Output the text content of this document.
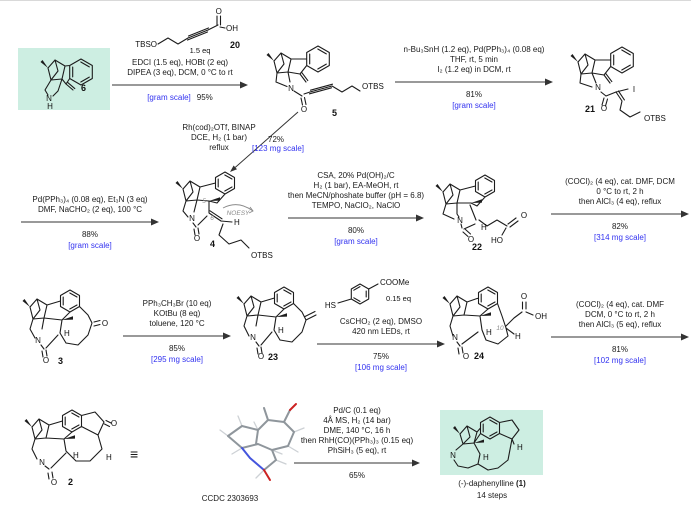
N
H
6
TBSO
O
OH
1.5 eq
20
EDCI (1.5 eq), HOBt (2 eq)
DIPEA (3 eq), DCM, 0 °C to rt
[gram scale] 95%
N
O
OTBS
5
n-Bu₃SnH (1.2 eq), Pd(PPh₃)₄ (0.08 eq)
THF, rt, 5 min
I₂ (1.2 eq) in DCM, rt
81%
[gram scale]
N
O
I
OTBS
21
Rh(cod)₂OTf, BINAP
DCE, H₂ (1 bar)
reflux
72%
[123 mg scale]
Pd(PPh₃)₄ (0.08 eq), Et₃N (3 eq)
DMF, NaCHO₂ (2 eq), 100 °C
88%
[gram scale]
N
O
H
OTBS
NOESY
5
6
4
CSA, 20% Pd(OH)₂/C
H₂ (1 bar), EA-MeOH, rt
then MeCN/phoshate buffer (pH = 6.8)
TEMPO, NaClO₂, NaClO
80%
[gram scale]
N
O
H
HO
O
22
(COCl)₂ (4 eq), cat. DMF, DCM
0 °C to rt, 2 h
then AlCl₃ (4 eq), reflux
82%
[314 mg scale]
N
O
H
O
3
PPh₃CH₃Br (10 eq)
KOtBu (8 eq)
toluene, 120 °C
85%
[295 mg scale]
N
O
H
23
HS
COOMe
0.15 eq
CsCHO₂ (2 eq), DMSO
420 nm LEDs, rt
75%
[106 mg scale]
N
O
H	H
10
O
OH
24
(COCl)₂ (4 eq), cat. DMF
DCM, 0 °C to rt, 2 h
then AlCl₃ (5 eq), reflux
81%
[102 mg scale]
N
O
H	H
O
2
≡
CCDC 2303693
Pd/C (0.1 eq)
4Å MS, H₂ (14 bar)
DME, 140 °C, 16 h
then RhH(CO)(PPh₃)₃ (0.15 eq)
PhSiH₃ (5 eq), rt
65%
N	H
H
(-)-daphenylline (1)
14 steps
